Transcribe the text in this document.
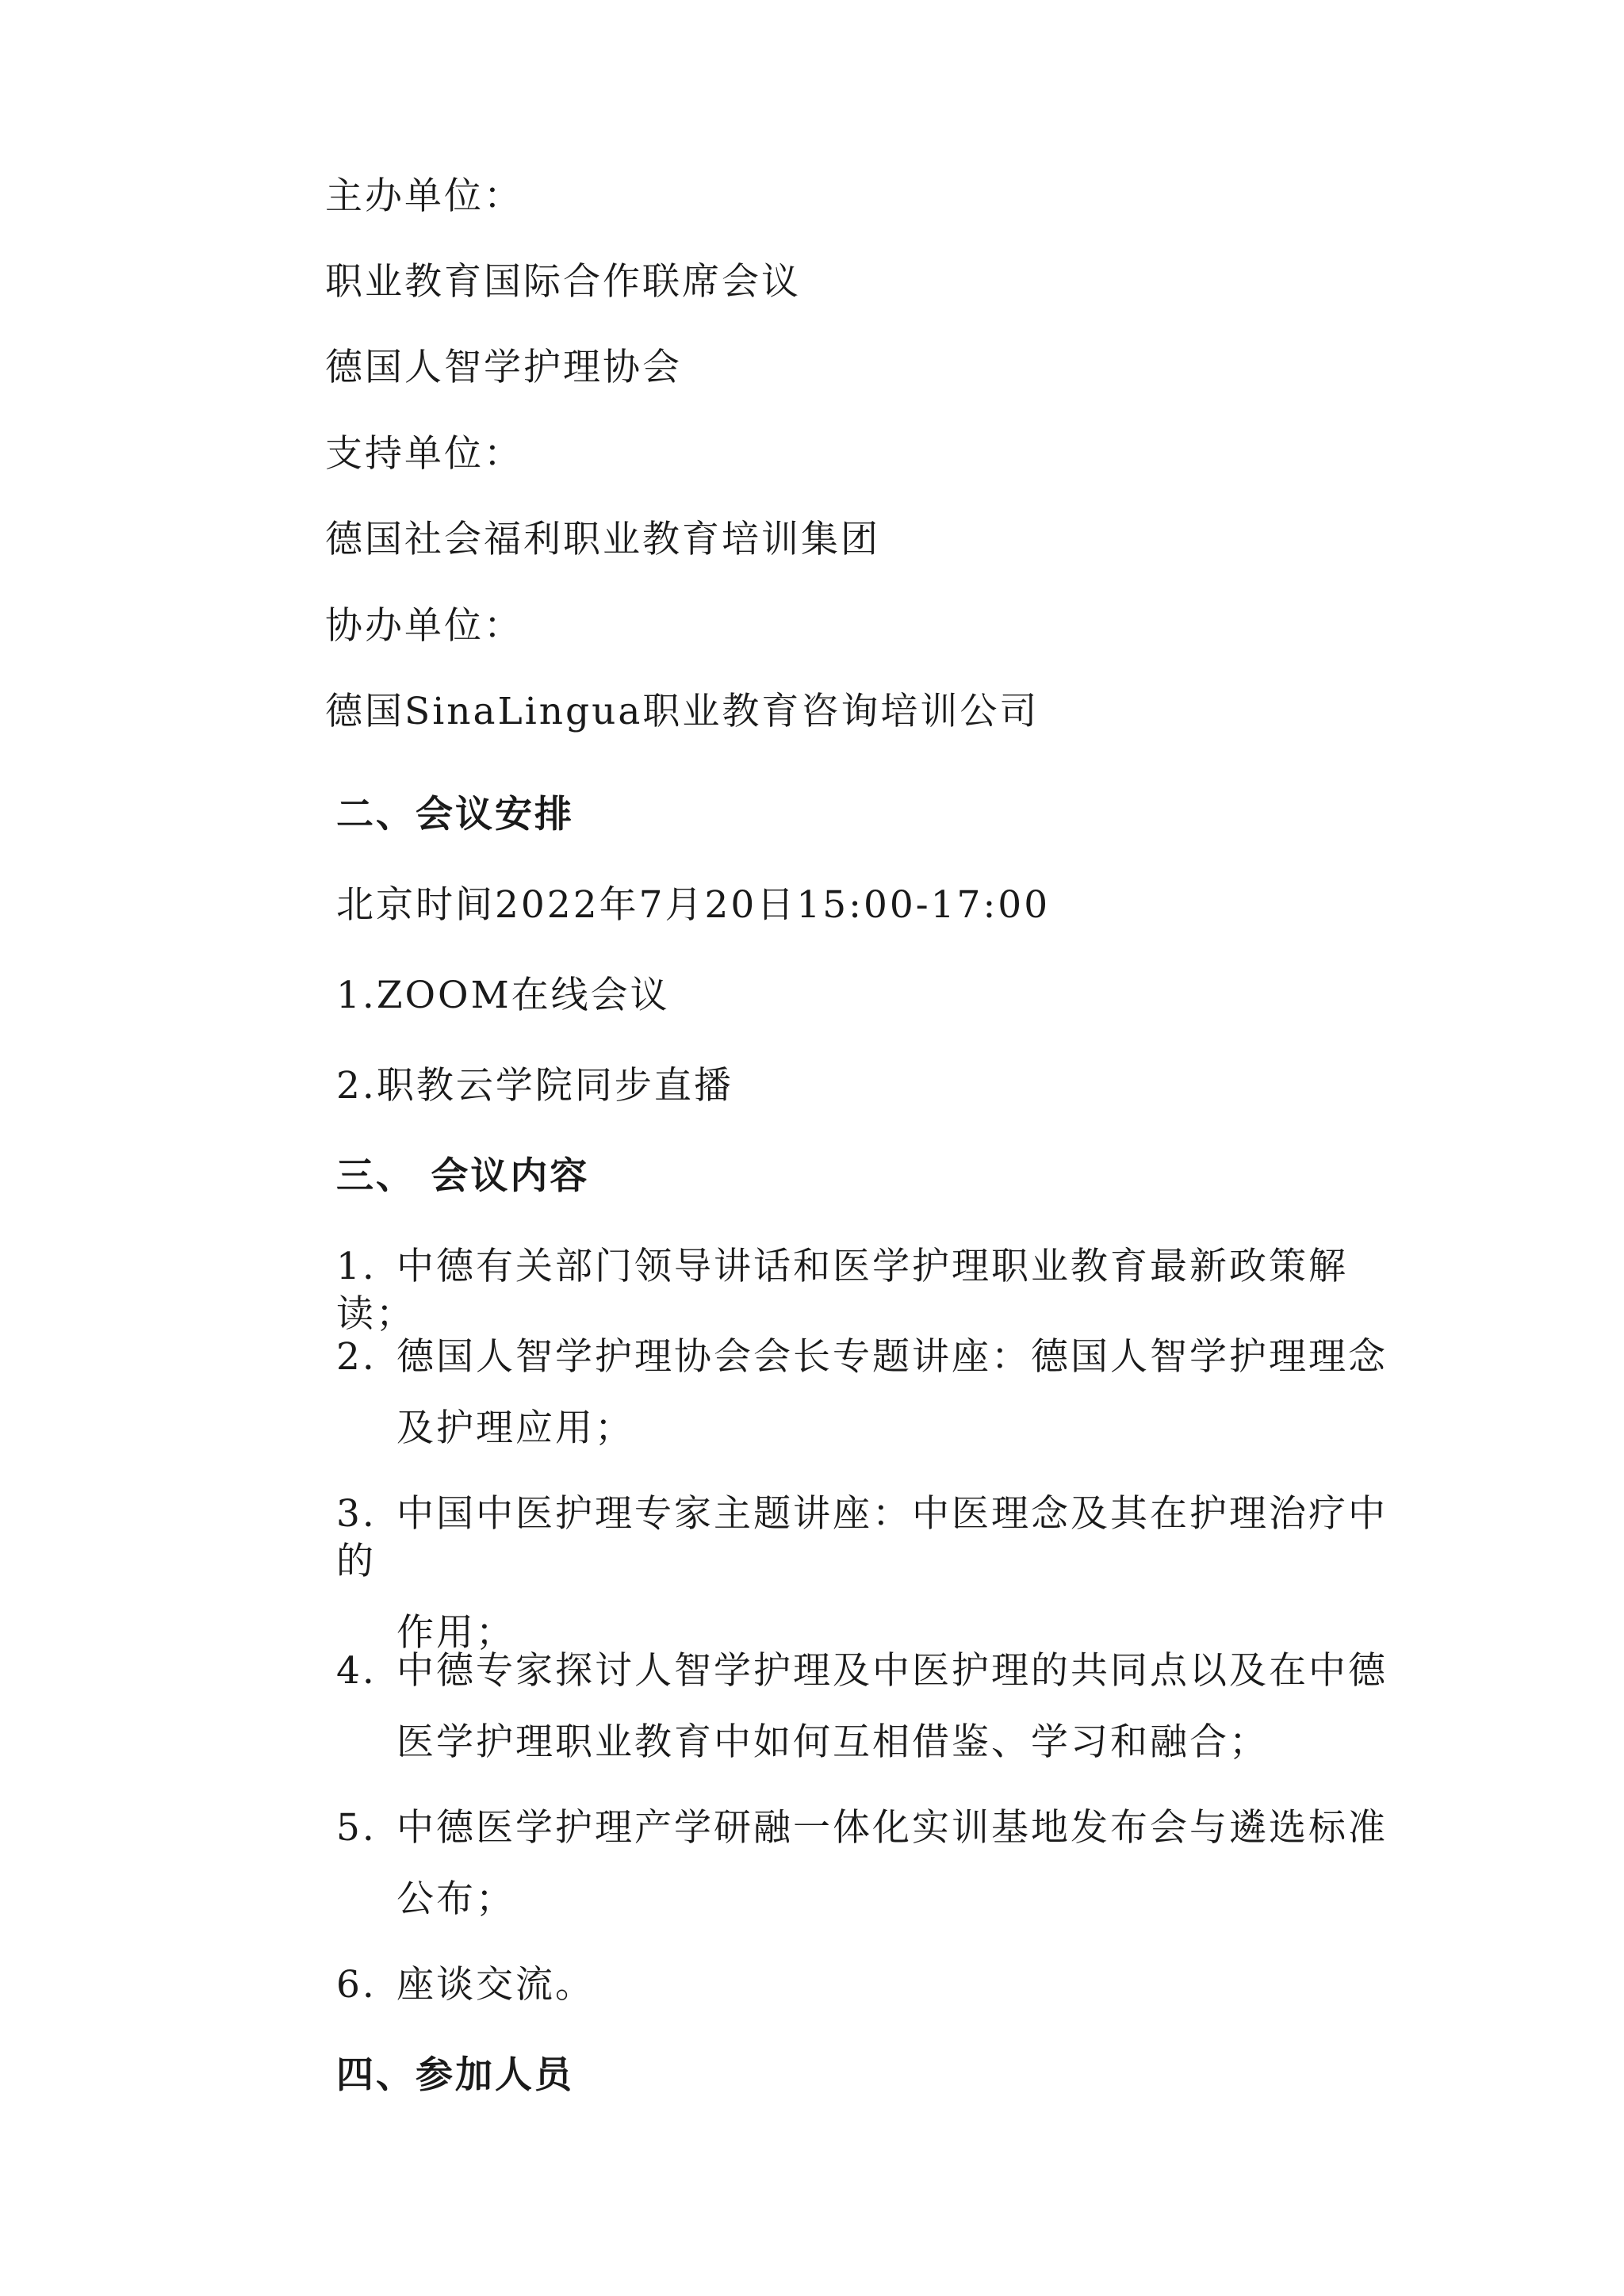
主办单位：
职业教育国际合作联席会议
德国人智学护理协会
支持单位：
德国社会福利职业教育培训集团
协办单位：
德国SinaLingua职业教育咨询培训公司
二、会议安排
北京时间2022年7月20日15:00-17:00
1.ZOOM在线会议
2.职教云学院同步直播
三、 会议内容
1. 中德有关部门领导讲话和医学护理职业教育最新政策解读；
2. 德国人智学护理协会会长专题讲座：德国人智学护理理念
及护理应用；
3. 中国中医护理专家主题讲座：中医理念及其在护理治疗中的
作用；
4. 中德专家探讨人智学护理及中医护理的共同点以及在中德
医学护理职业教育中如何互相借鉴、学习和融合；
5. 中德医学护理产学研融一体化实训基地发布会与遴选标准
公布；
6. 座谈交流。
四、参加人员
